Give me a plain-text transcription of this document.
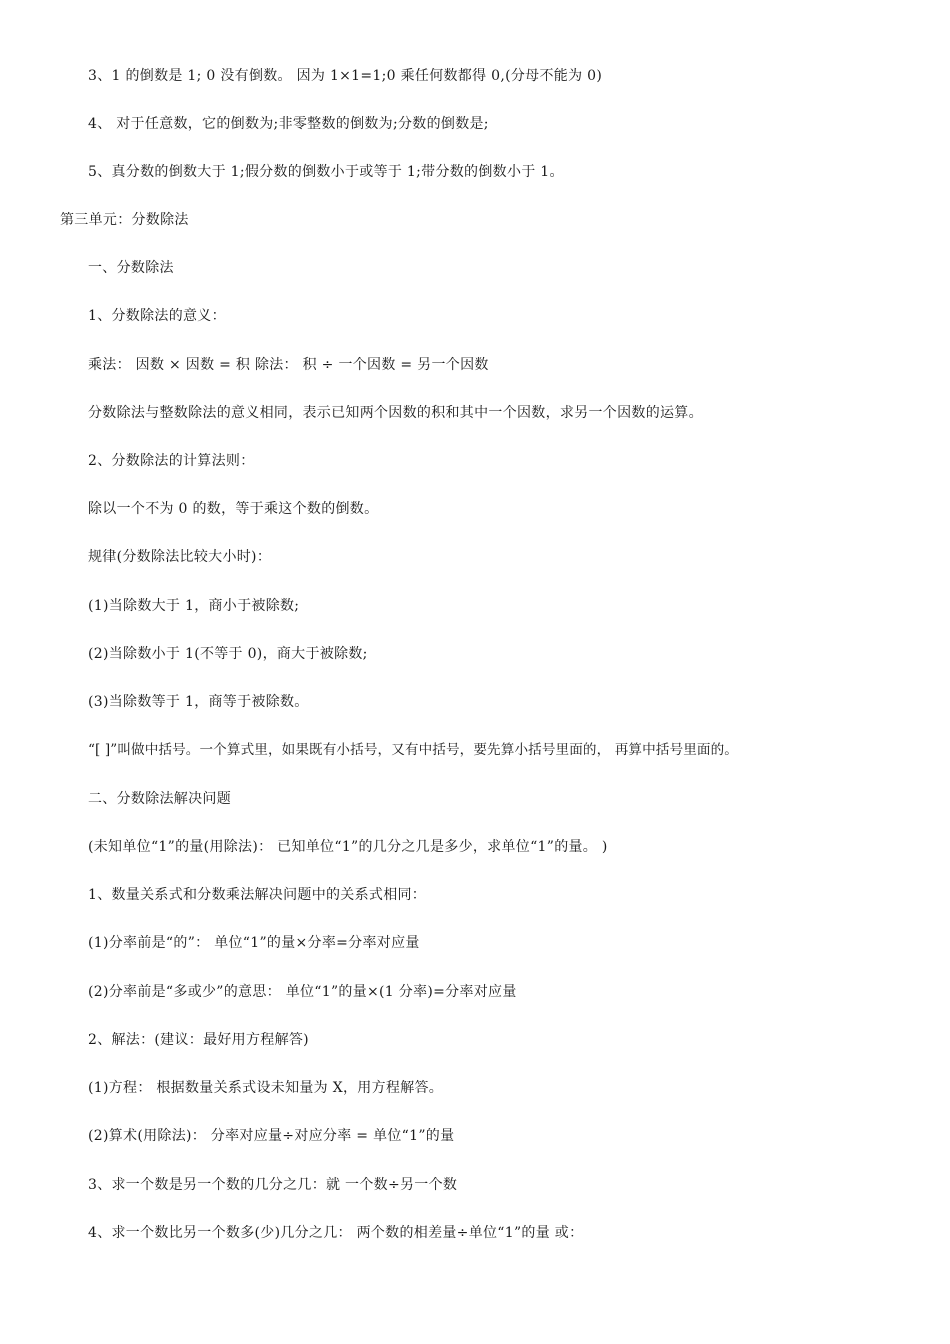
3、1 的倒数是 1; 0 没有倒数。 因为 1×1=1;0 乘任何数都得 0,(分母不能为 0)
4、 对于任意数，它的倒数为;非零整数的倒数为;分数的倒数是;
5、真分数的倒数大于 1;假分数的倒数小于或等于 1;带分数的倒数小于 1。
第三单元：分数除法
一、分数除法
1、分数除法的意义：
乘法： 因数 × 因数 = 积 除法： 积 ÷ 一个因数 = 另一个因数
分数除法与整数除法的意义相同，表示已知两个因数的积和其中一个因数，求另一个因数的运算。
2、分数除法的计算法则：
除以一个不为 0 的数，等于乘这个数的倒数。
规律(分数除法比较大小时)：
(1)当除数大于 1，商小于被除数;
(2)当除数小于 1(不等于 0)，商大于被除数;
(3)当除数等于 1，商等于被除数。
“[ ]”叫做中括号。一个算式里，如果既有小括号，又有中括号，要先算小括号里面的， 再算中括号里面的。
二、分数除法解决问题
(未知单位“1”的量(用除法)： 已知单位“1”的几分之几是多少，求单位“1”的量。 )
1、数量关系式和分数乘法解决问题中的关系式相同：
(1)分率前是“的”： 单位“1”的量×分率=分率对应量
(2)分率前是“多或少”的意思： 单位“1”的量×(1 分率)=分率对应量
2、解法：(建议：最好用方程解答)
(1)方程： 根据数量关系式设未知量为 X，用方程解答。
(2)算术(用除法)： 分率对应量÷对应分率 = 单位“1”的量
3、求一个数是另一个数的几分之几：就 一个数÷另一个数
4、求一个数比另一个数多(少)几分之几： 两个数的相差量÷单位“1”的量 或：
